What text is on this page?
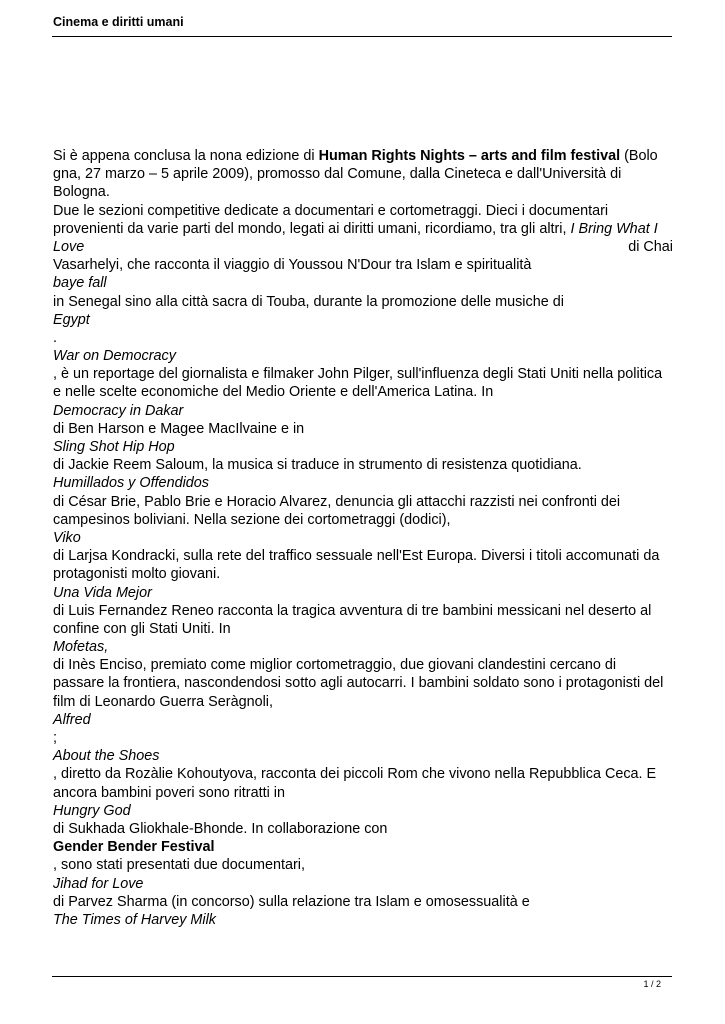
Cinema e diritti umani
Si è appena conclusa la nona edizione di Human Rights Nights – arts and film festival (Bolo
gna, 27 marzo – 5 aprile 2009), promosso dal Comune, dalla Cineteca e dall'Università di
Bologna.
Due le sezioni competitive dedicate a documentari e cortometraggi. Dieci i documentari
provenienti da varie parti del mondo, legati ai diritti umani, ricordiamo, tra gli altri, I Bring What I
Love	di Chai
Vasarhelyi, che racconta il viaggio di Youssou N'Dour tra Islam e spiritualità
baye fall
in Senegal sino alla città sacra di Touba, durante la promozione delle musiche di
Egypt
.
War on Democracy
, è un reportage del giornalista e filmaker John Pilger, sull'influenza degli Stati Uniti nella politica
e nelle scelte economiche del Medio Oriente e dell'America Latina. In
Democracy in Dakar
di Ben Harson e Magee MacIlvaine e in
Sling Shot Hip Hop
di Jackie Reem Saloum, la musica si traduce in strumento di resistenza quotidiana.
Humillados y Offendidos
di César Brie, Pablo Brie e Horacio Alvarez, denuncia gli attacchi razzisti nei confronti dei
campesinos boliviani. Nella sezione dei cortometraggi (dodici),
Viko
di Larjsa Kondracki, sulla rete del traffico sessuale nell'Est Europa. Diversi i titoli accomunati da
protagonisti molto giovani.
Una Vida Mejor
di Luis Fernandez Reneo racconta la tragica avventura di tre bambini messicani nel deserto al
confine con gli Stati Uniti. In
Mofetas,
di Inès Enciso, premiato come miglior cortometraggio, due giovani clandestini cercano di
passare la frontiera, nascondendosi sotto agli autocarri. I bambini soldato sono i protagonisti del
film di Leonardo Guerra Seràgnoli,
Alfred
;
About the Shoes
, diretto da Rozàlie Kohoutyova, racconta dei piccoli Rom che vivono nella Repubblica Ceca. E
ancora bambini poveri sono ritratti in
Hungry God
di Sukhada Gliokhale-Bhonde. In collaborazione con
Gender Bender Festival
, sono stati presentati due documentari,
Jihad for Love
di Parvez Sharma (in concorso) sulla relazione tra Islam e omosessualità e
The Times of Harvey Milk
1 / 2
